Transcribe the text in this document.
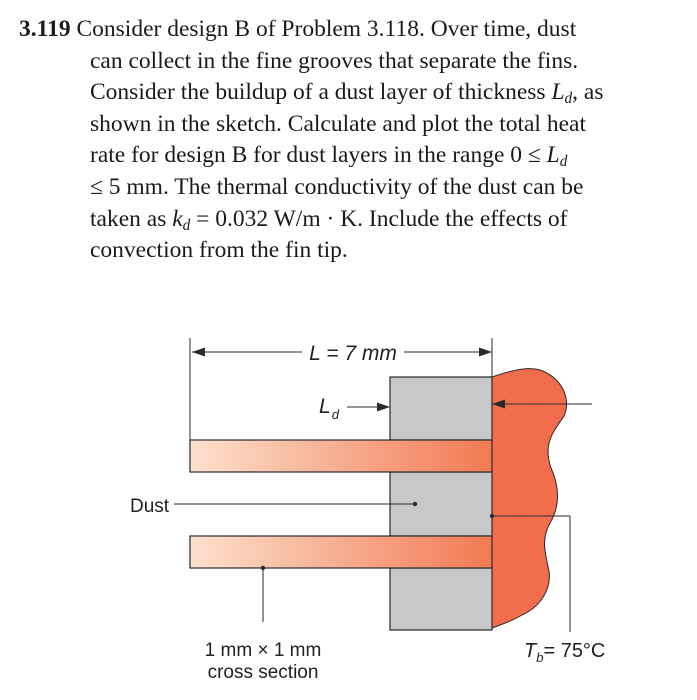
3.119 Consider design B of Problem 3.118. Over time, dust
can collect in the fine grooves that separate the fins.
Consider the buildup of a dust layer of thickness $L_d$, as
shown in the sketch. Calculate and plot the total heat
rate for design B for dust layers in the range $0 \le L_d$
≤ 5 mm. The thermal conductivity of the dust can be
taken as $k_d = 0.032$ W/m · K. Include the effects of
convection from the fin tip.
L = 7 mm
$L_d$
Dust
1 mm × 1 mm
cross section
$T_b= 75^\circ C$
